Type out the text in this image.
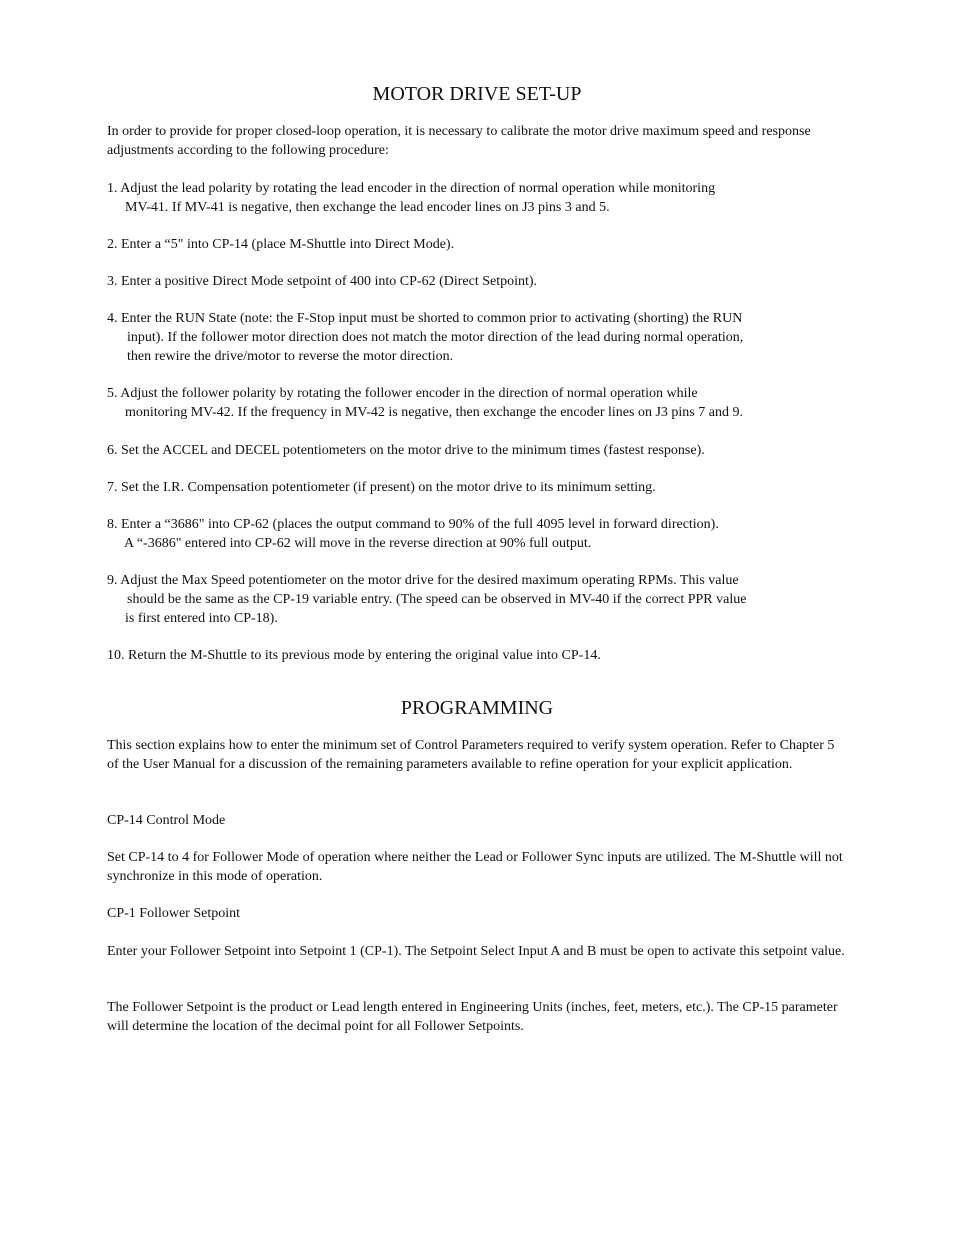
MOTOR DRIVE SET-UP

In order to provide for proper closed-loop operation, it is necessary to calibrate the motor drive maximum speed and response adjustments according to the following procedure:

1. Adjust the lead polarity by rotating the lead encoder in the direction of normal operation while monitoring
MV-41. If MV-41 is negative, then exchange the lead encoder lines on J3 pins 3 and 5.
2. Enter a “5" into CP-14 (place M-Shuttle into Direct Mode).
3. Enter a positive Direct Mode setpoint of 400 into CP-62 (Direct Setpoint).
4. Enter the RUN State (note: the F-Stop input must be shorted to common prior to activating (shorting) the RUN
input). If the follower motor direction does not match the motor direction of the lead during normal operation,
then rewire the drive/motor to reverse the motor direction.
5. Adjust the follower polarity by rotating the follower encoder in the direction of normal operation while
monitoring MV-42. If the frequency in MV-42 is negative, then exchange the encoder lines on J3 pins 7 and 9.
6. Set the ACCEL and DECEL potentiometers on the motor drive to the minimum times (fastest response).
7. Set the I.R. Compensation potentiometer (if present) on the motor drive to its minimum setting.
8. Enter a “3686" into CP-62 (places the output command to 90% of the full 4095 level in forward direction).
A “-3686" entered into CP-62 will move in the reverse direction at 90% full output.
9. Adjust the Max Speed potentiometer on the motor drive for the desired maximum operating RPMs. This value
should be the same as the CP-19 variable entry. (The speed can be observed in MV-40 if the correct PPR value
is first entered into CP-18).
10. Return the M-Shuttle to its previous mode by entering the original value into CP-14.
PROGRAMMING

This section explains how to enter the minimum set of Control Parameters required to verify system operation. Refer to Chapter 5 of the User Manual for a discussion of the remaining parameters available to refine operation for your explicit application.

CP-14 Control Mode

Set CP-14 to 4 for Follower Mode of operation where neither the Lead or Follower Sync inputs are utilized. The M-Shuttle will not synchronize in this mode of operation.

CP-1 Follower Setpoint

Enter your Follower Setpoint into Setpoint 1 (CP-1). The Setpoint Select Input A and B must be open to activate this setpoint value.

The Follower Setpoint is the product or Lead length entered in Engineering Units (inches, feet, meters, etc.). The CP-15 parameter will determine the location of the decimal point for all Follower Setpoints.
